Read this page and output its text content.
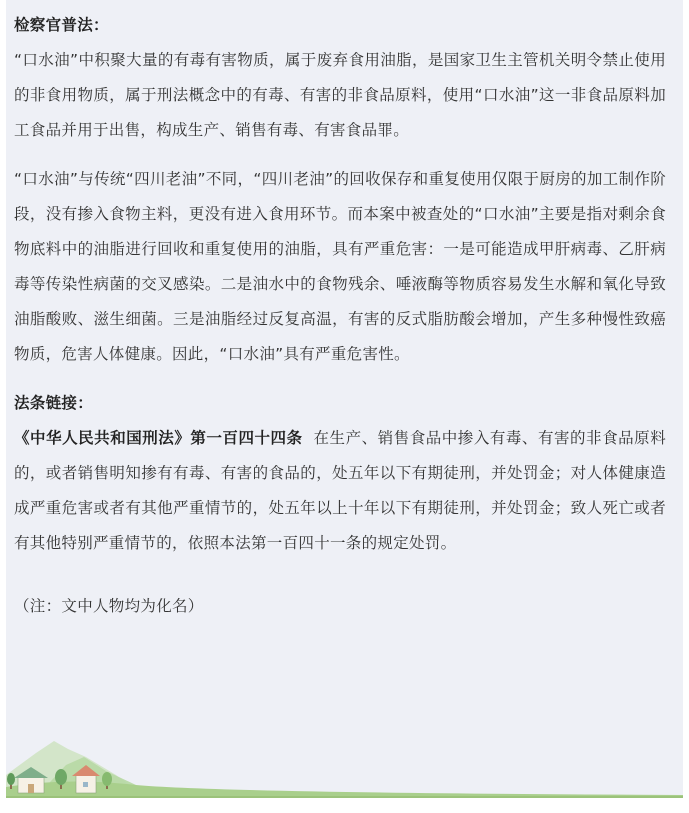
检察官普法：
“口水油”中积聚大量的有毒有害物质，属于废弃食用油脂，是国家卫生主管机关明令禁止使用的非食用物质，属于刑法概念中的有毒、有害的非食品原料，使用“口水油”这一非食品原料加工食品并用于出售，构成生产、销售有毒、有害食品罪。
“口水油”与传统“四川老油”不同，“四川老油”的回收保存和重复使用仅限于厨房的加工制作阶段，没有掺入食物主料，更没有进入食用环节。而本案中被查处的“口水油”主要是指对剩余食物底料中的油脂进行回收和重复使用的油脂，具有严重危害：一是可能造成甲肝病毒、乙肝病毒等传染性病菌的交叉感染。二是油水中的食物残余、唾液酶等物质容易发生水解和氧化导致油脂酸败、滋生细菌。三是油脂经过反复高温，有害的反式脂肪酸会增加，产生多种慢性致癌物质，危害人体健康。因此，“口水油”具有严重危害性。
法条链接：
《中华人民共和国刑法》第一百四十四条 在生产、销售食品中掺入有毒、有害的非食品原料的，或者销售明知掺有有毒、有害的食品的，处五年以下有期徒刑，并处罚金；对人体健康造成严重危害或者有其他严重情节的，处五年以上十年以下有期徒刑，并处罚金；致人死亡或者有其他特别严重情节的，依照本法第一百四十一条的规定处罚。
（注：文中人物均为化名）
